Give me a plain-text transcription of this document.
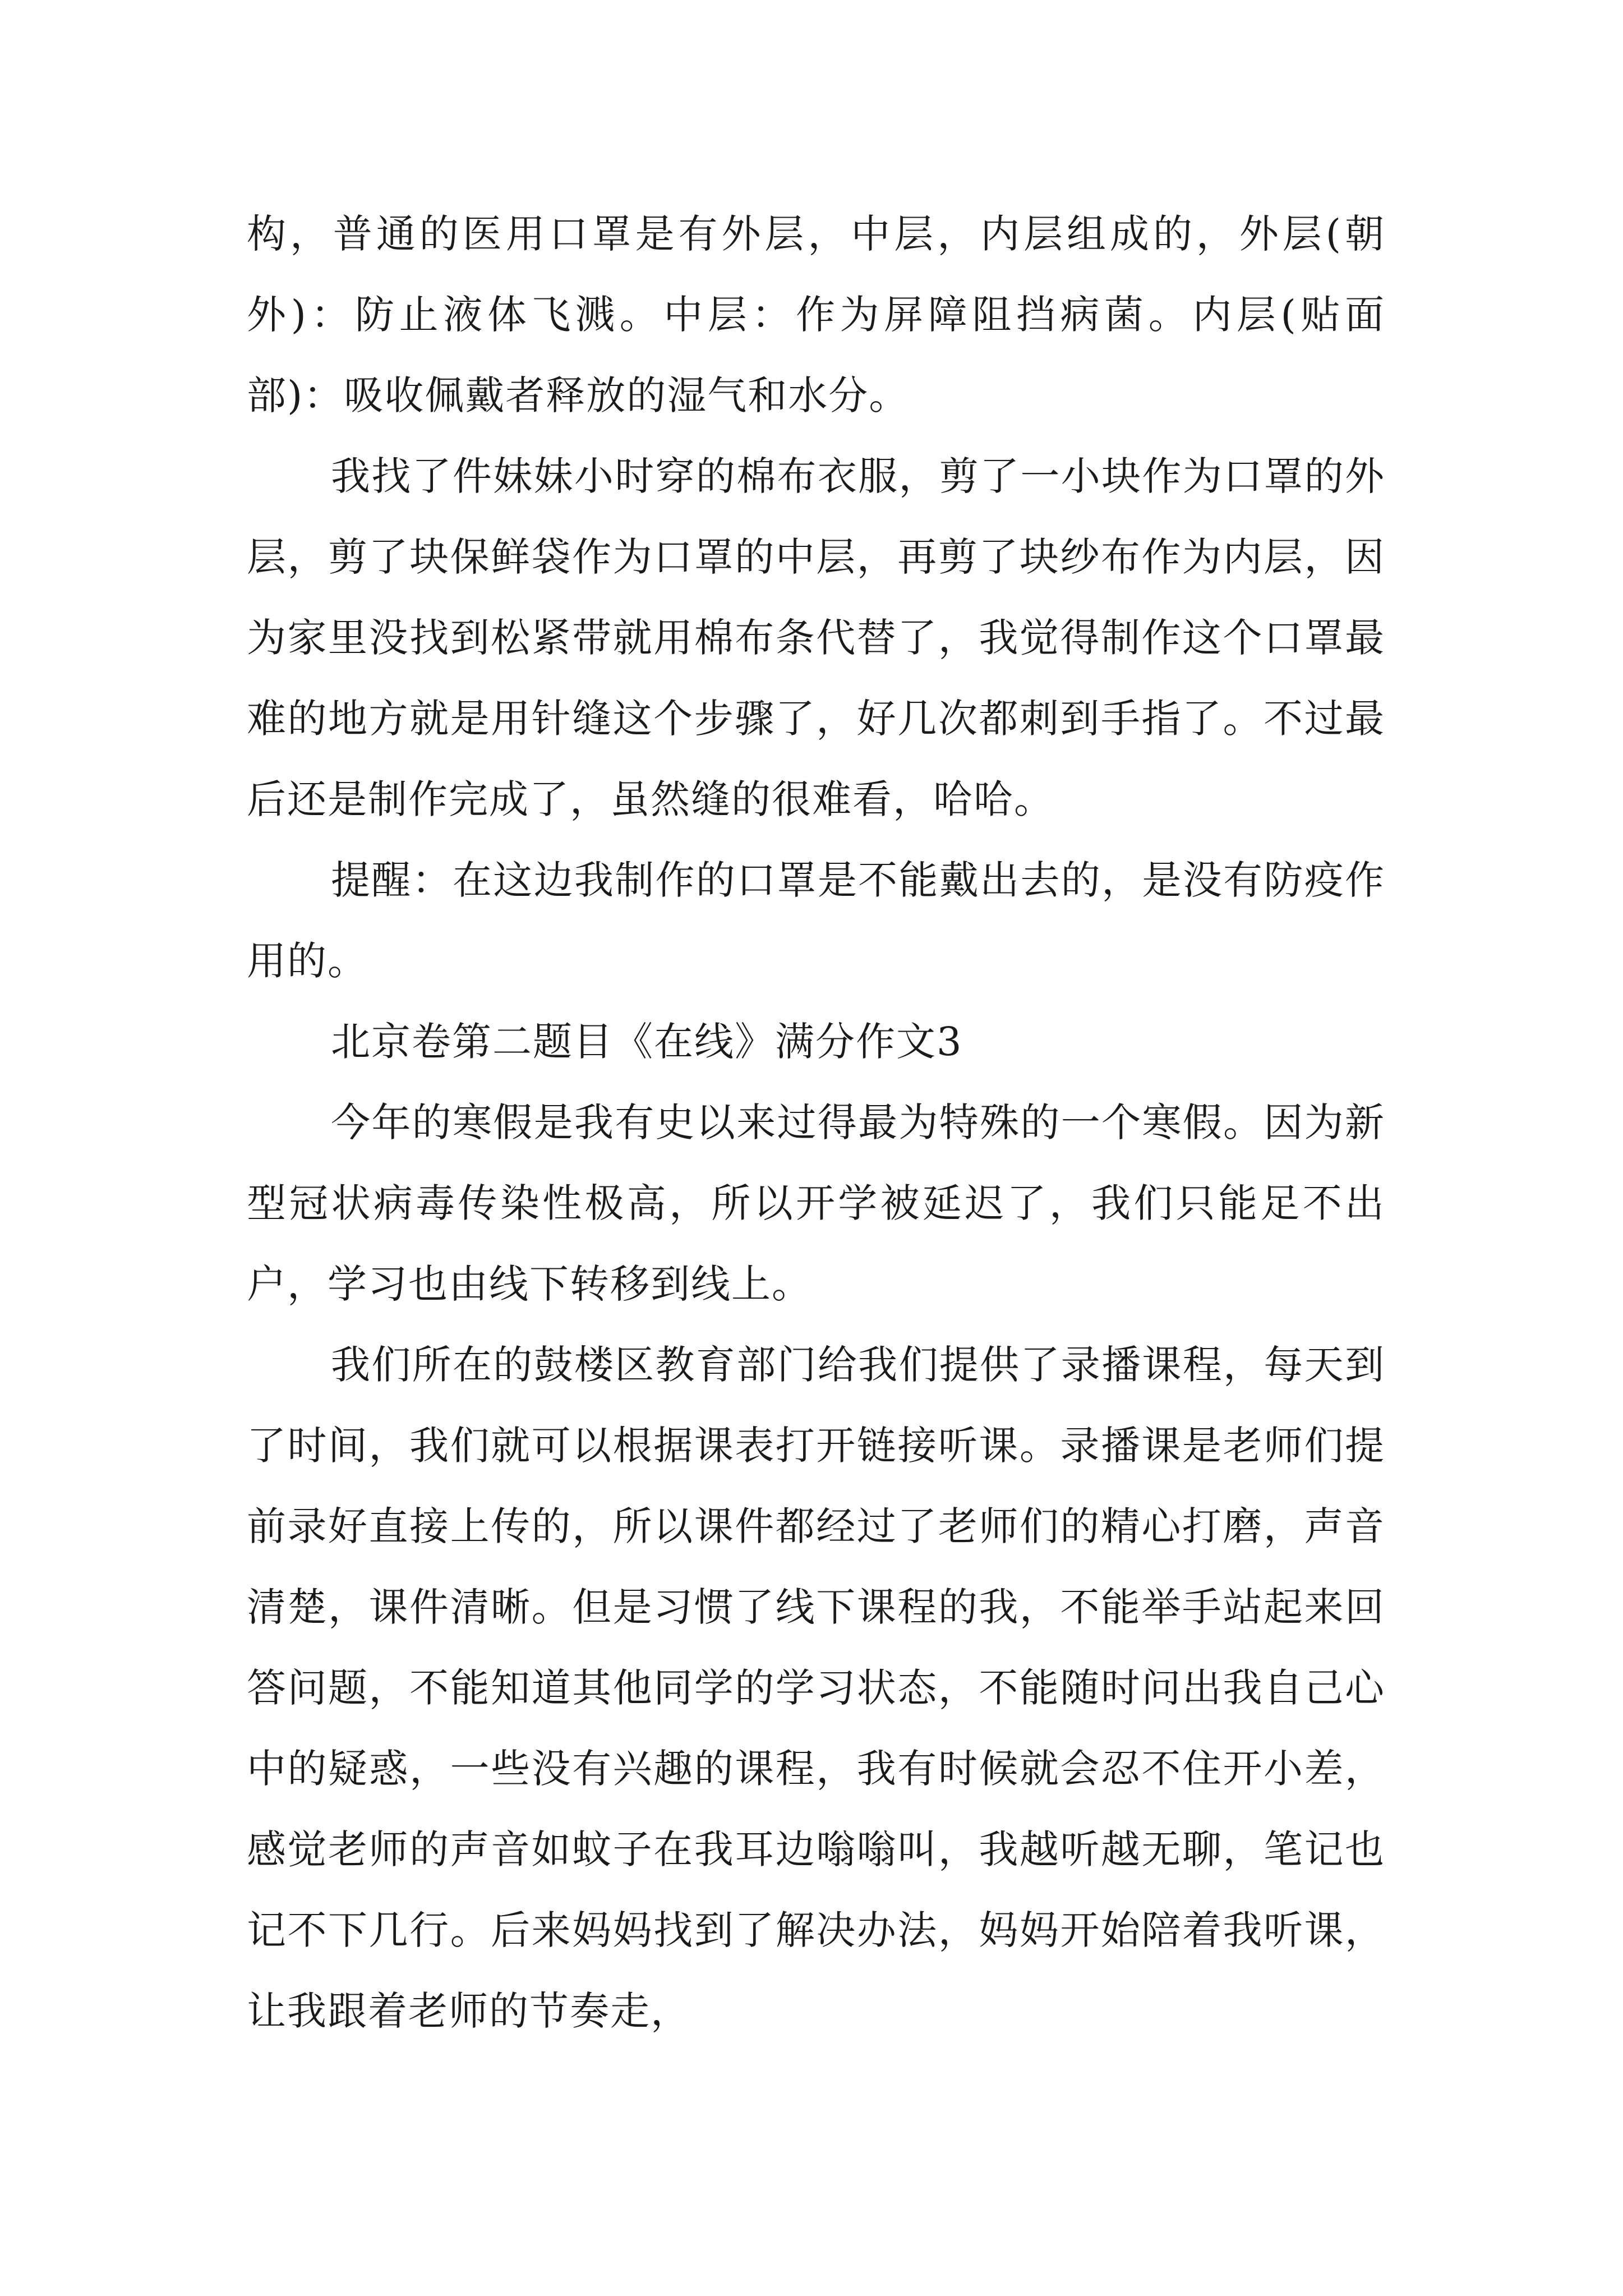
构，普通的医用口罩是有外层，中层，内层组成的，外层(朝外)：防止液体飞溅。中层：作为屏障阻挡病菌。内层(贴面部)：吸收佩戴者释放的湿气和水分。

我找了件妹妹小时穿的棉布衣服，剪了一小块作为口罩的外层，剪了块保鲜袋作为口罩的中层，再剪了块纱布作为内层，因为家里没找到松紧带就用棉布条代替了，我觉得制作这个口罩最难的地方就是用针缝这个步骤了，好几次都刺到手指了。不过最后还是制作完成了，虽然缝的很难看，哈哈。

提醒：在这边我制作的口罩是不能戴出去的，是没有防疫作用的。

北京卷第二题目《在线》满分作文3

今年的寒假是我有史以来过得最为特殊的一个寒假。因为新型冠状病毒传染性极高，所以开学被延迟了，我们只能足不出户，学习也由线下转移到线上。

我们所在的鼓楼区教育部门给我们提供了录播课程，每天到了时间，我们就可以根据课表打开链接听课。录播课是老师们提前录好直接上传的，所以课件都经过了老师们的精心打磨，声音清楚，课件清晰。但是习惯了线下课程的我，不能举手站起来回答问题，不能知道其他同学的学习状态，不能随时问出我自己心中的疑惑，一些没有兴趣的课程，我有时候就会忍不住开小差，感觉老师的声音如蚊子在我耳边嗡嗡叫，我越听越无聊，笔记也记不下几行。后来妈妈找到了解决办法，妈妈开始陪着我听课，让我跟着老师的节奏走，
